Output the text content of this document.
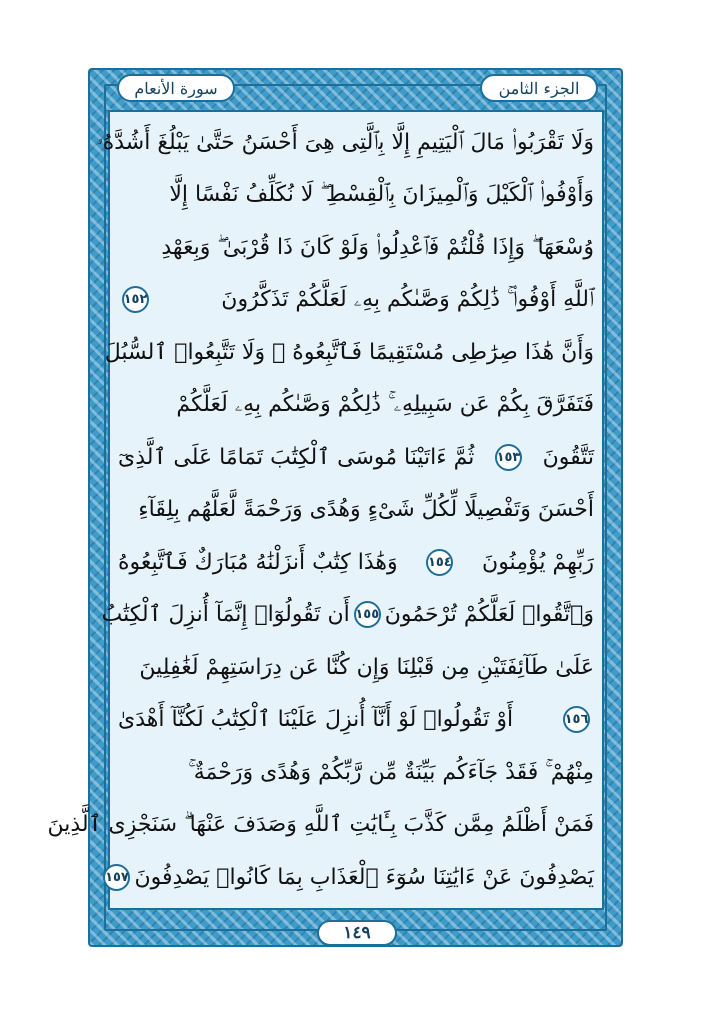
الجزء الثامن
سورة الأنعام
وَلَا تَقْرَبُوا۟ مَالَ ٱلْيَتِيمِ إِلَّا بِٱلَّتِى هِىَ أَحْسَنُ حَتَّىٰ يَبْلُغَ أَشُدَّهُۥ
وَأَوْفُوا۟ ٱلْكَيْلَ وَٱلْمِيزَانَ بِٱلْقِسْطِ ۖ لَا نُكَلِّفُ نَفْسًا إِلَّا
وُسْعَهَا ۖ وَإِذَا قُلْتُمْ فَٱعْدِلُوا۟ وَلَوْ كَانَ ذَا قُرْبَىٰ ۖ وَبِعَهْدِ
ٱللَّهِ أَوْفُوا۟ ۚ ذَٰلِكُمْ وَصَّىٰكُم بِهِۦ لَعَلَّكُمْ تَذَكَّرُونَ
١٥٢
وَأَنَّ هَٰذَا صِرَٰطِى مُسْتَقِيمًا فَٱتَّبِعُوهُ ۖ وَلَا تَتَّبِعُوا۟ ٱلسُّبُلَ
فَتَفَرَّقَ بِكُمْ عَن سَبِيلِهِۦ ۚ ذَٰلِكُمْ وَصَّىٰكُم بِهِۦ لَعَلَّكُمْ
تَتَّقُونَ
١٥٣
ثُمَّ ءَاتَيْنَا مُوسَى ٱلْكِتَٰبَ تَمَامًا عَلَى ٱلَّذِىٓ
أَحْسَنَ وَتَفْصِيلًا لِّكُلِّ شَىْءٍ وَهُدًى وَرَحْمَةً لَّعَلَّهُم بِلِقَآءِ
رَبِّهِمْ يُؤْمِنُونَ
١٥٤
وَهَٰذَا كِتَٰبٌ أَنزَلْنَٰهُ مُبَارَكٌ فَٱتَّبِعُوهُ
وَٱتَّقُوا۟ لَعَلَّكُمْ تُرْحَمُونَ
١٥٥
أَن تَقُولُوٓا۟ إِنَّمَآ أُنزِلَ ٱلْكِتَٰبُ
عَلَىٰ طَآئِفَتَيْنِ مِن قَبْلِنَا وَإِن كُنَّا عَن دِرَاسَتِهِمْ لَغَٰفِلِينَ
١٥٦
أَوْ تَقُولُوا۟ لَوْ أَنَّآ أُنزِلَ عَلَيْنَا ٱلْكِتَٰبُ لَكُنَّآ أَهْدَىٰ
مِنْهُمْ ۚ فَقَدْ جَآءَكُم بَيِّنَةٌ مِّن رَّبِّكُمْ وَهُدًى وَرَحْمَةٌ ۚ
فَمَنْ أَظْلَمُ مِمَّن كَذَّبَ بِـَٔايَٰتِ ٱللَّهِ وَصَدَفَ عَنْهَا ۗ سَنَجْزِى ٱلَّذِينَ
يَصْدِفُونَ عَنْ ءَايَٰتِنَا سُوٓءَ ٱلْعَذَابِ بِمَا كَانُوا۟ يَصْدِفُونَ
١٥٧
١٤٩
